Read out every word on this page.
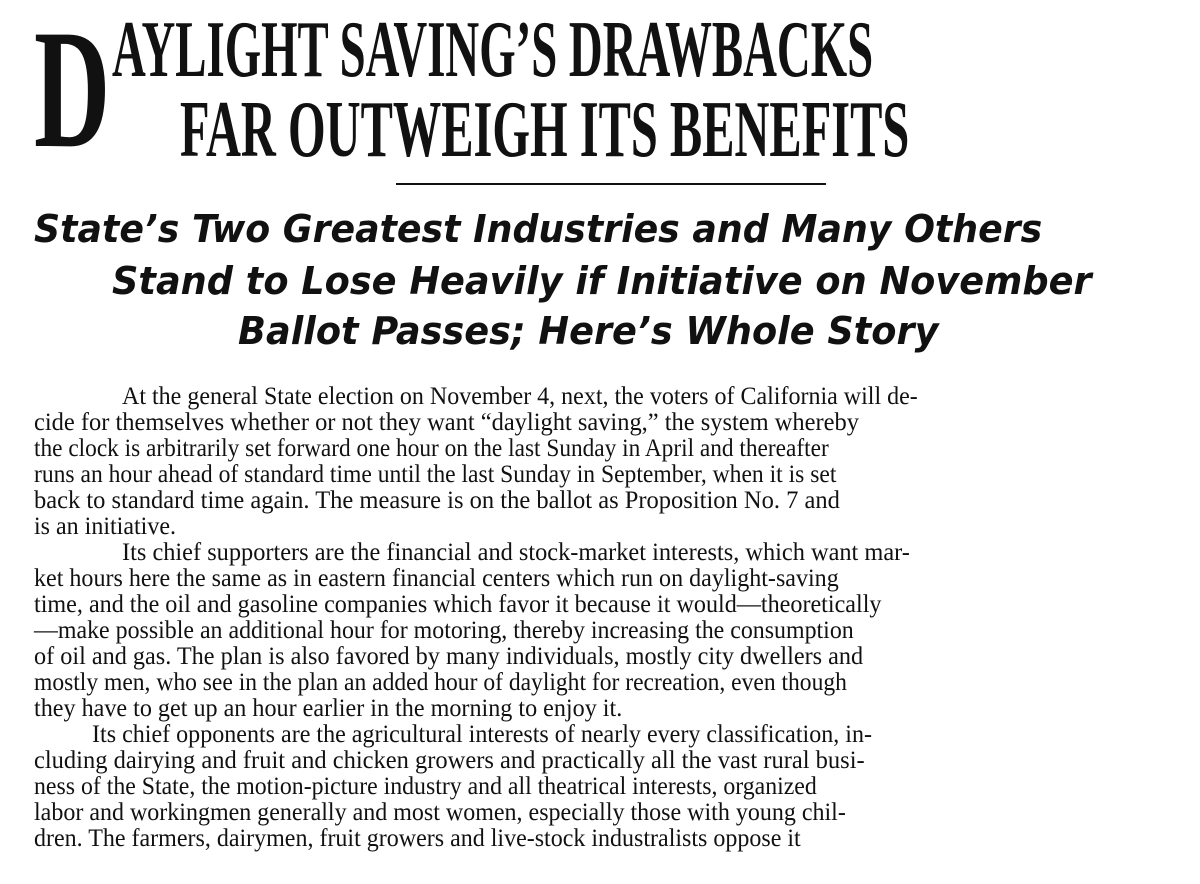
D AYLIGHT SAVING’S DRAWBACKS
FAR OUTWEIGH ITS BENEFITS
State’s Two Greatest Industries and Many Others
Stand to Lose Heavily if Initiative on November
Ballot Passes; Here’s Whole Story
At the general State election on November 4, next, the voters of California will de-
cide for themselves whether or not they want “daylight saving,” the system whereby
the clock is arbitrarily set forward one hour on the last Sunday in April and thereafter
runs an hour ahead of standard time until the last Sunday in September, when it is set
back to standard time again. The measure is on the ballot as Proposition No. 7 and
is an initiative.
Its chief supporters are the financial and stock-market interests, which want mar-
ket hours here the same as in eastern financial centers which run on daylight-saving
time, and the oil and gasoline companies which favor it because it would—theoretically
—make possible an additional hour for motoring, thereby increasing the consumption
of oil and gas. The plan is also favored by many individuals, mostly city dwellers and
mostly men, who see in the plan an added hour of daylight for recreation, even though
they have to get up an hour earlier in the morning to enjoy it.
Its chief opponents are the agricultural interests of nearly every classification, in-
cluding dairying and fruit and chicken growers and practically all the vast rural busi-
ness of the State, the motion-picture industry and all theatrical interests, organized
labor and workingmen generally and most women, especially those with young chil-
dren. The farmers, dairymen, fruit growers and live-stock industralists oppose it
